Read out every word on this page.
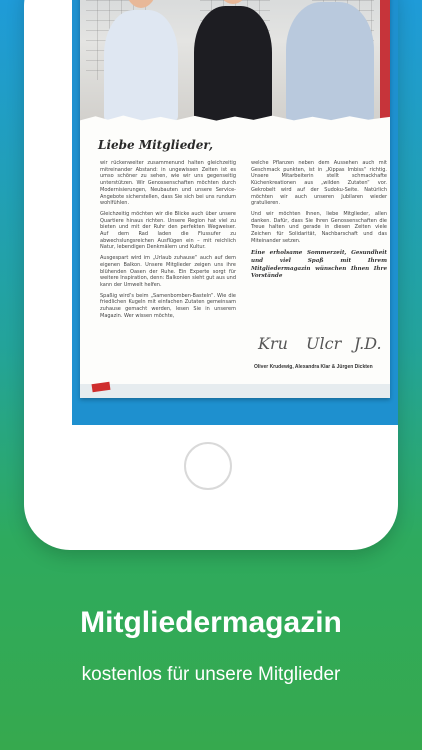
Liebe Mitglieder,

wir rückenweiter zusammenund halten gleichzeitig mitreinander Abstand: in ungewissen Zeiten ist es umso schöner zu sehen, wie wir uns gegenseitig unterstützen. Wir Genossenschaften möchten durch Modernisierungen, Neubauten und unsere Service-Angebote sicherstellen, dass Sie sich bei uns rundum wohlfühlen.

Gleichzeitig möchten wir die Blicke auch über unsere Quartiere hinaus richten. Unsere Region hat viel zu bieten und mit der Ruhr den perfekten Wegweiser. Auf dem Rad laden die Flussufer zu abwechslungsreichen Ausflügen ein – mit reichlich Natur, lebendigen Denkmälern und Kultur.

Ausgespart wird im „Urlaub zuhause“ auch auf dem eigenen Balkon. Unsere Mitglieder zeigen uns ihre blühenden Oasen der Ruhe. Ein Experte sorgt für weitere Inspiration, denn: Balkonien sieht gut aus und kann der Umwelt helfen.

Spaßig wird’s beim „Samenbomben-Basteln“. Wie die friedlichen Kugeln mit einfachen Zutaten gemeinsam zuhause gemacht werden, lesen Sie in unserem Magazin. Wer wissen möchte,

welche Pflanzen neben dem Aussehen auch mit Geschmack punkten, ist in „Kippas Imbiss“ richtig. Unsere Mitarbeiterin stellt schmackhafte Küchenkreationen aus „wilden Zutaten“ vor. Gekrobelt wird auf der Sudoku-Seite. Natürlich möchten wir auch unseren Jubilaren wieder gratulieren.

Und wir möchten Ihnen, liebe Mitglieder, allen danken. Dafür, dass Sie Ihren Genossenschaften die Treue halten und gerade in diesen Zeiten viele Zeichen für Solidarität, Nachbarschaft und das Miteinander setzen.

Eine erholsame Sommerzeit, Gesundheit und viel Spaß mit Ihrem Mitgliedermagazin wünschen Ihnen Ihre Vorstände
Kru Ulcr J.D.
Oliver Krudewig, Alexandra Klar & Jürgen Dickten
Mitgliedermagazin
kostenlos für unsere Mitglieder
